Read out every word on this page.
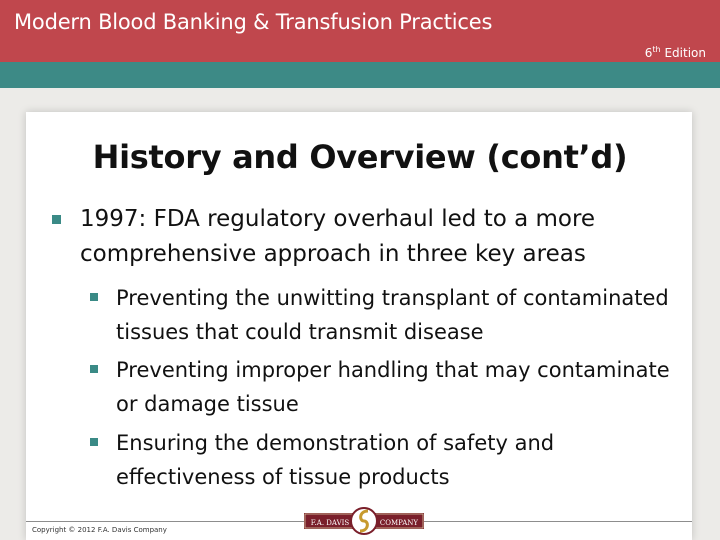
Modern Blood Banking & Transfusion Practices
6th Edition
History and Overview (cont’d)
1997: FDA regulatory overhaul led to a more comprehensive approach in three key areas
Preventing the unwitting transplant of contaminated tissues that could transmit disease
Preventing improper handling that may contaminate or damage tissue
Ensuring the demonstration of safety and effectiveness of tissue products
Copyright © 2012 F.A. Davis Company
F.A. DAVIS	COMPANY
